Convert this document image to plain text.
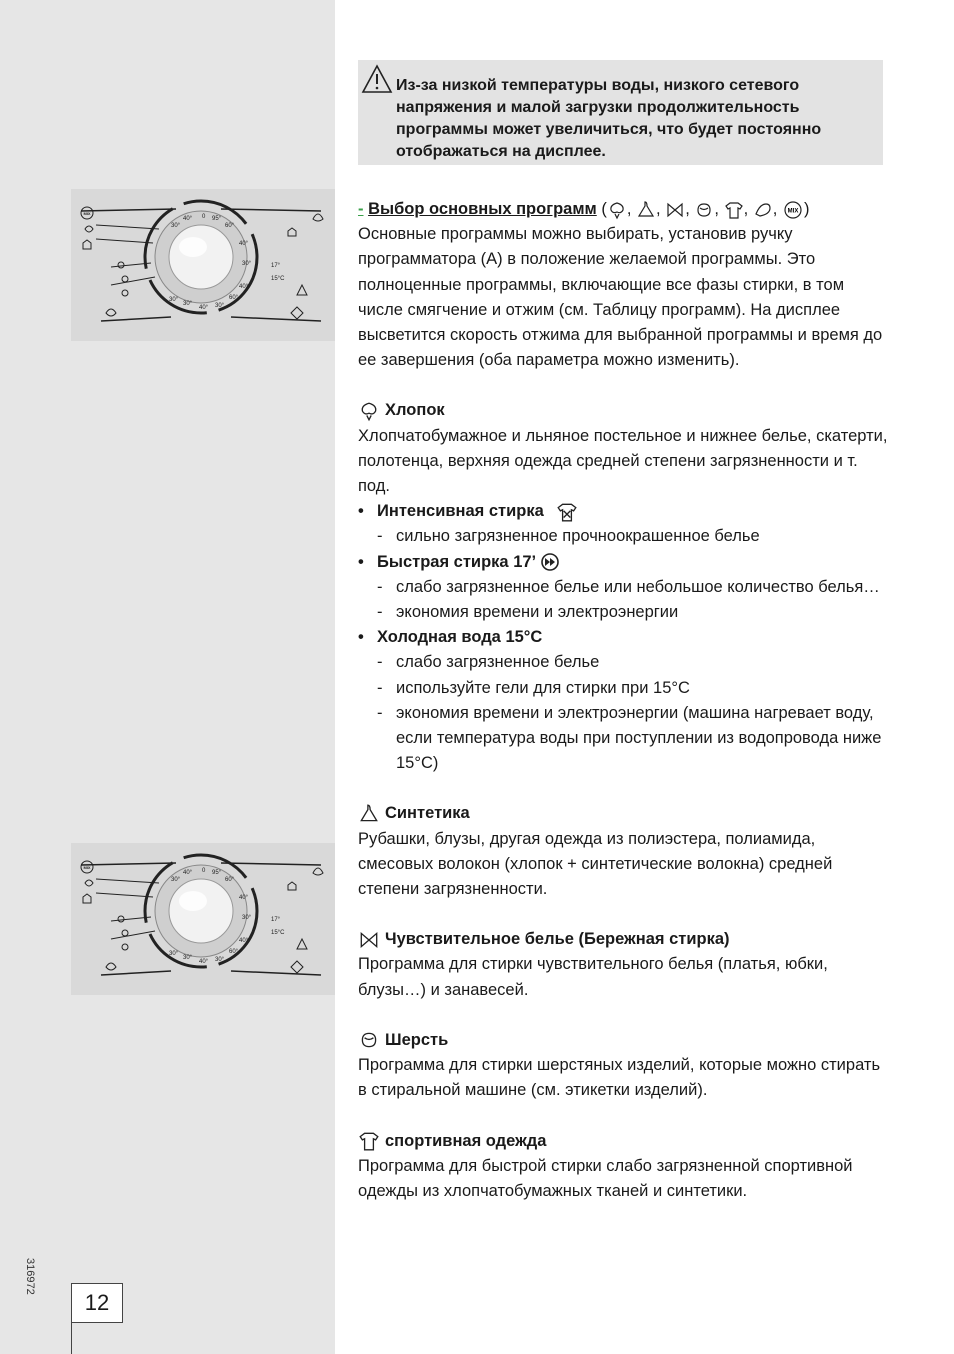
MIX
17°
15°C
40° 0 95°
60°
40°
30°
40°
60°
30°
40°
30°
30°
30°
MIX
17°
15°C
40° 0 95°
60°
40°
30°
40°
60°
30°
40°
30°
30°
30°
316972
12

Из-за низкой температуры воды, низкого сетевого напряжения и малой загрузки продолжительность программы может увеличиться, что будет постоянно отображаться на дисплее.

- Выбор основных программ ( , , , , , , MIX )

Основные программы можно выбирать, установив ручку программатора (A) в положение желаемой программы. Это полноценные программы, включающие все фазы стирки, в том числе смягчение и отжим (см. Таблицу программ). На дисплее высветится скорость отжима для выбранной программы и время до ее завершения (оба параметра можно изменить).

Хлопок

Хлопчатобумажное и льняное постельное и нижнее белье, скатерти, полотенца, верхняя одежда средней степени загрязненности и т. под.

• Интенсивная стирка

- сильно загрязненное прочноокрашенное белье

• Быстрая стирка 17’

- слабо загрязненное белье или небольшое количество белья…

- экономия времени и электроэнергии

• Холодная вода 15°C

- слабо загрязненное белье

- используйте гели для стирки при 15°C

- экономия времени и электроэнергии (машина нагревает воду, если температура воды при поступлении из водопровода ниже 15°C)

Синтетика

Рубашки, блузы, другая одежда из полиэстера, полиамида, смесовых волокон (хлопок + синтетические волокна) средней степени загрязненности.

Чувствительное белье (Бережная стирка)

Программа для стирки чувствительного белья (платья, юбки, блузы…) и занавесей.

Шерсть

Программа для стирки шерстяных изделий, которые можно стирать в стиральной машине (см. этикетки изделий).

спортивная одежда

Программа для быстрой стирки слабо загрязненной спортивной одежды из хлопчатобумажных тканей и синтетики.
